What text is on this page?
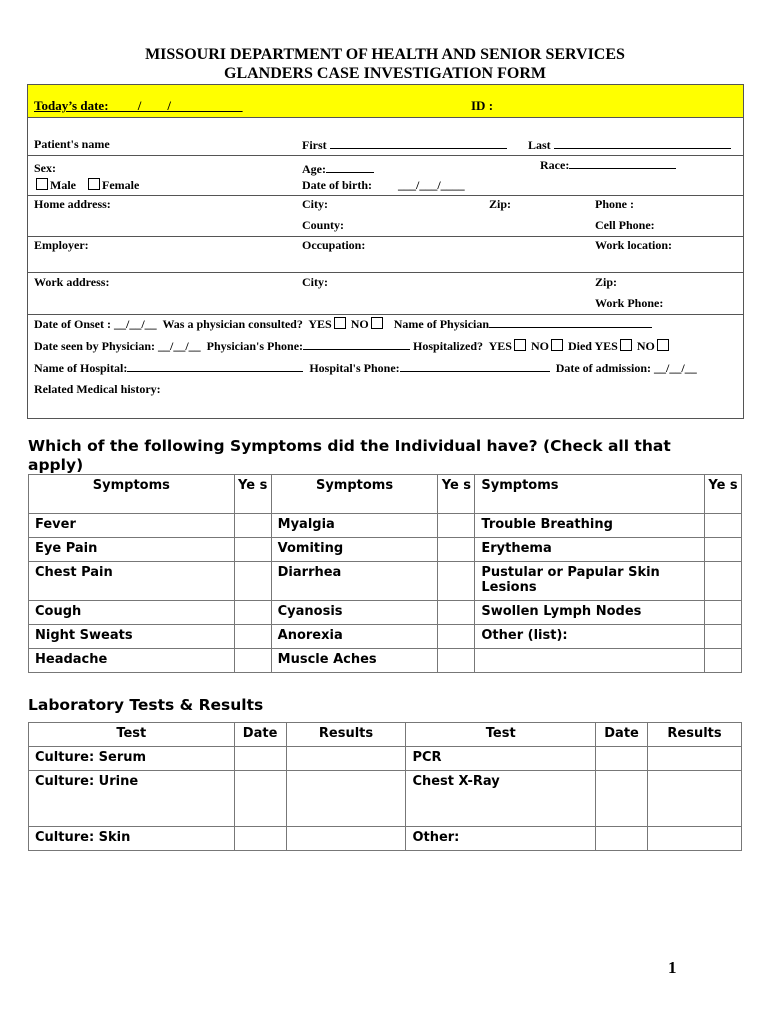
MISSOURI DEPARTMENT OF HEALTH AND SENIOR SERVICES
GLANDERS CASE INVESTIGATION FORM
Today’s date: ____/____/___________	ID :
Patient's name	First	Last
Sex:	Age:	Race:
Male	Female	Date of birth: ___/___/____
Home address:	City:	Zip:	Phone :
County:	Cell Phone:
Employer:	Occupation:	Work location:
Work address:	City:	Zip:
Work Phone:
Date of Onset : __/__/__ Was a physician consulted? YES NO Name of Physician
Date seen by Physician: __/__/__ Physician's Phone:	Hospitalized? YES NO Died YES NO
Name of Hospital:	Hospital's Phone:	Date of admission: __/__/__
Related Medical history:
Which of the following Symptoms did the Individual have? (Check all that apply)
Symptoms	Ye s	Symptoms	Ye s	Symptoms	Ye s
Fever		Myalgia		Trouble Breathing	
Eye Pain		Vomiting		Erythema	
Chest Pain		Diarrhea		Pustular or Papular Skin Lesions	
Cough		Cyanosis		Swollen Lymph Nodes	
Night Sweats		Anorexia		Other (list):	
Headache		Muscle Aches			
Laboratory Tests & Results
Test	Date	Results	Test	Date	Results
Culture: Serum			PCR		
Culture: Urine			Chest X-Ray		
Culture: Skin			Other:		
1
